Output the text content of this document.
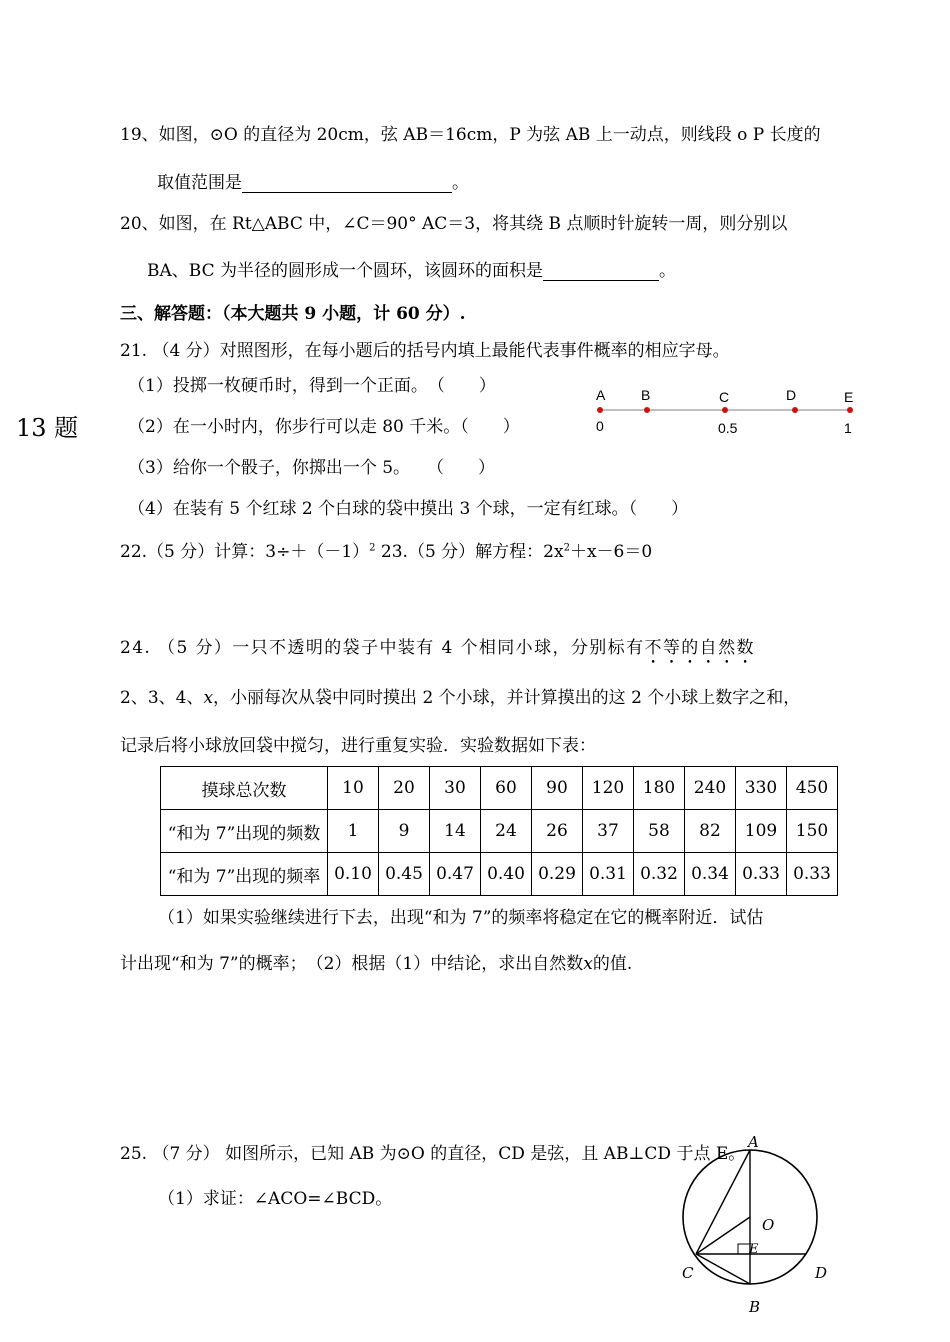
19、如图，⊙O 的直径为 20cm，弦 AB＝16cm，P 为弦 AB 上一动点，则线段 o P 长度的
取值范围是	。
20、如图，在 Rt△ABC 中，∠C＝90° AC＝3，将其绕 B 点顺时针旋转一周，则分别以
BA、BC 为半径的圆形成一个圆环，该圆环的面积是	。
三、解答题：（本大题共 9 小题，计 60 分）.
21. （4 分）对照图形，在每小题后的括号内填上最能代表事件概率的相应字母。
（1）投掷一枚硬币时，得到一个正面。　（　　）
（2）在一小时内，你步行可以走 80 千米。（　　）
（3）给你一个骰子，你掷出一个 5。　　（　　）
（4）在装有 5 个红球 2 个白球的袋中摸出 3 个球，一定有红球。（　　）
13 题
A	B	C	D	E
0	0.5	1
22.（5 分）计算：$3\div+(-1)^2$ 23.（5 分）解方程：$2x^2+x-6=0$
24. （5 分）一只不透明的袋子中装有 4 个相同小球，分别标有不等的自然数
2、3、4、x，小丽每次从袋中同时摸出 2 个小球，并计算摸出的这 2 个小球上数字之和，
记录后将小球放回袋中搅匀，进行重复实验．实验数据如下表：
摸球总次数	10	20	30	60	90	120	180	240	330	450
“和为 7”出现的频数	1	9	14	24	26	37	58	82	109	150
“和为 7”出现的频率	0.10	0.45	0.47	0.40	0.29	0.31	0.32	0.34	0.33	0.33
（1）如果实验继续进行下去，出现“和为 7”的频率将稳定在它的概率附近．试估
计出现“和为 7”的概率；　（2）根据（1）中结论，求出自然数x的值.
25. （7 分） 如图所示，已知 AB 为⊙O 的直径，CD 是弦，且 AB⊥CD 于点 E。
（1）求证：∠ACO=∠BCD。
A
O
E
C	D
B
